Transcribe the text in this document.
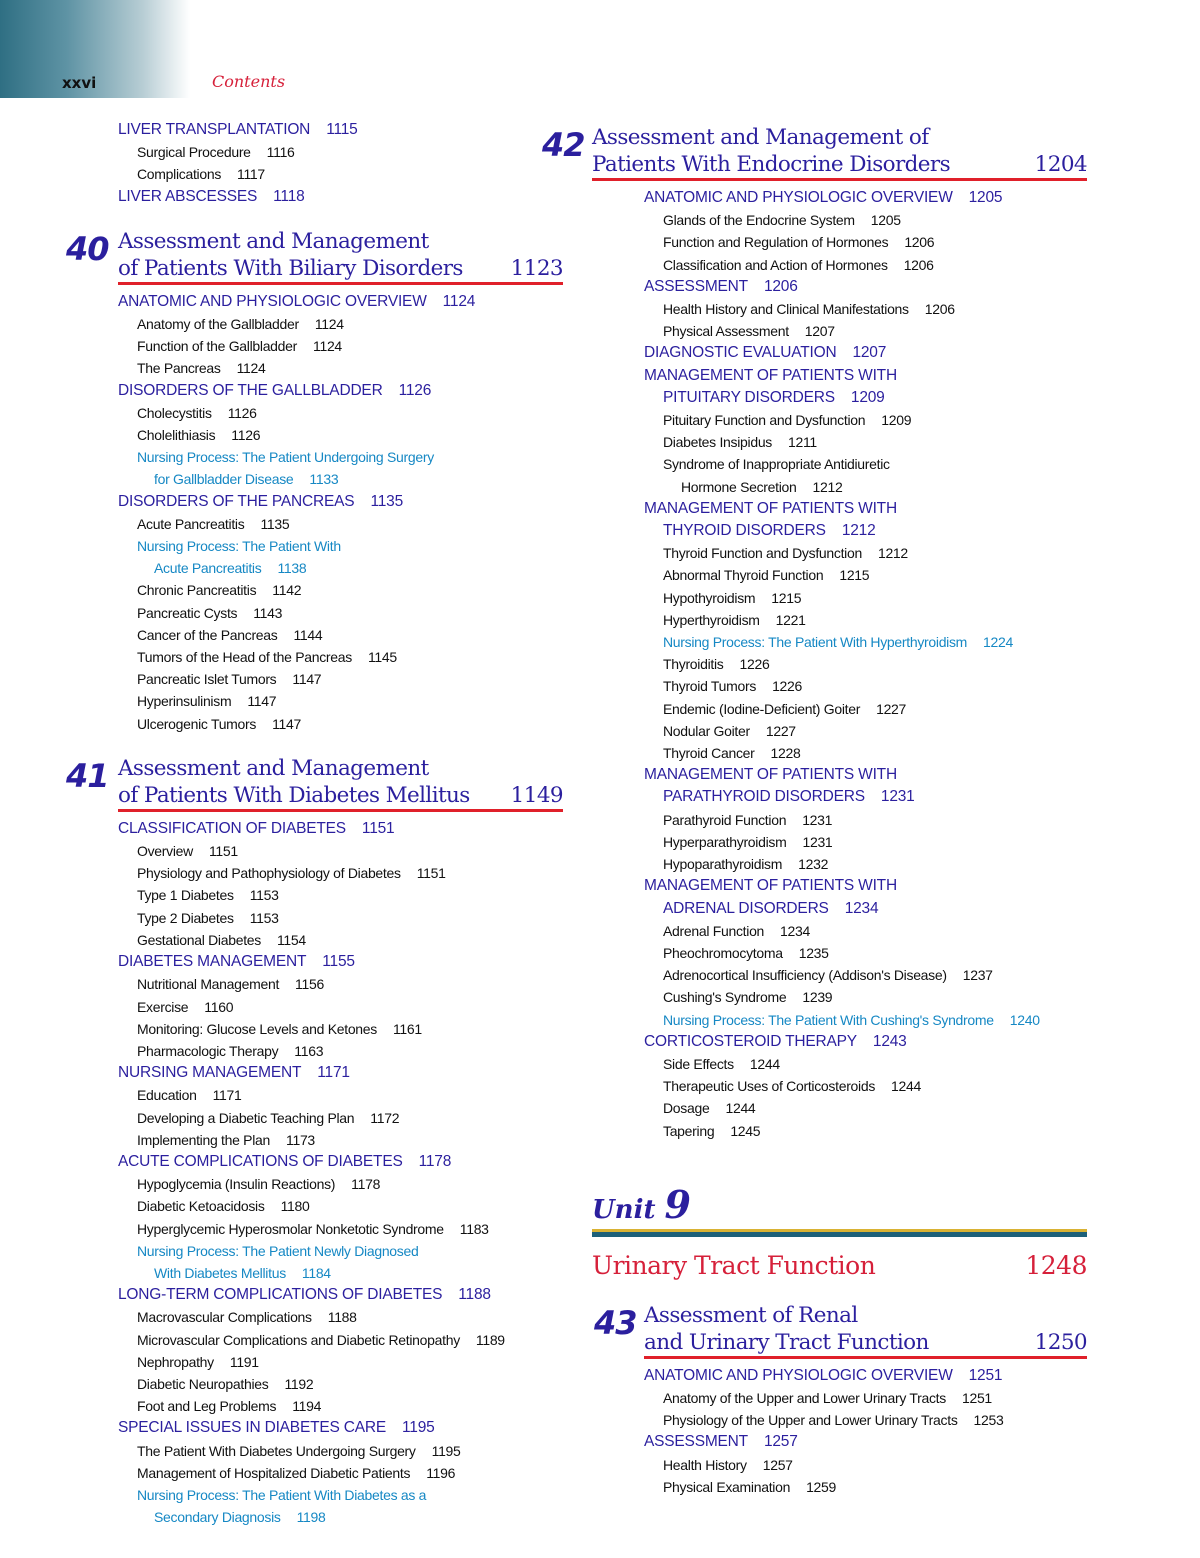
xxvi	Contents
LIVER TRANSPLANTATION 1115
Surgical Procedure 1116
Complications 1117
LIVER ABSCESSES 1118
40 Assessment and Management
of Patients With Biliary Disorders 1123
ANATOMIC AND PHYSIOLOGIC OVERVIEW 1124
Anatomy of the Gallbladder 1124
Function of the Gallbladder 1124
The Pancreas 1124
DISORDERS OF THE GALLBLADDER 1126
Cholecystitis 1126
Cholelithiasis 1126
Nursing Process: The Patient Undergoing Surgery
for Gallbladder Disease 1133
DISORDERS OF THE PANCREAS 1135
Acute Pancreatitis 1135
Nursing Process: The Patient With
Acute Pancreatitis 1138
Chronic Pancreatitis 1142
Pancreatic Cysts 1143
Cancer of the Pancreas 1144
Tumors of the Head of the Pancreas 1145
Pancreatic Islet Tumors 1147
Hyperinsulinism 1147
Ulcerogenic Tumors 1147
41 Assessment and Management
of Patients With Diabetes Mellitus 1149
CLASSIFICATION OF DIABETES 1151
Overview 1151
Physiology and Pathophysiology of Diabetes 1151
Type 1 Diabetes 1153
Type 2 Diabetes 1153
Gestational Diabetes 1154
DIABETES MANAGEMENT 1155
Nutritional Management 1156
Exercise 1160
Monitoring: Glucose Levels and Ketones 1161
Pharmacologic Therapy 1163
NURSING MANAGEMENT 1171
Education 1171
Developing a Diabetic Teaching Plan 1172
Implementing the Plan 1173
ACUTE COMPLICATIONS OF DIABETES 1178
Hypoglycemia (Insulin Reactions) 1178
Diabetic Ketoacidosis 1180
Hyperglycemic Hyperosmolar Nonketotic Syndrome 1183
Nursing Process: The Patient Newly Diagnosed
With Diabetes Mellitus 1184
LONG-TERM COMPLICATIONS OF DIABETES 1188
Macrovascular Complications 1188
Microvascular Complications and Diabetic Retinopathy 1189
Nephropathy 1191
Diabetic Neuropathies 1192
Foot and Leg Problems 1194
SPECIAL ISSUES IN DIABETES CARE 1195
The Patient With Diabetes Undergoing Surgery 1195
Management of Hospitalized Diabetic Patients 1196
Nursing Process: The Patient With Diabetes as a
Secondary Diagnosis 1198
42 Assessment and Management of
Patients With Endocrine Disorders	1204
ANATOMIC AND PHYSIOLOGIC OVERVIEW 1205
Glands of the Endocrine System 1205
Function and Regulation of Hormones 1206
Classification and Action of Hormones 1206
ASSESSMENT 1206
Health History and Clinical Manifestations 1206
Physical Assessment 1207
DIAGNOSTIC EVALUATION 1207
MANAGEMENT OF PATIENTS WITH
PITUITARY DISORDERS 1209
Pituitary Function and Dysfunction 1209
Diabetes Insipidus 1211
Syndrome of Inappropriate Antidiuretic
Hormone Secretion 1212
MANAGEMENT OF PATIENTS WITH
THYROID DISORDERS 1212
Thyroid Function and Dysfunction 1212
Abnormal Thyroid Function 1215
Hypothyroidism 1215
Hyperthyroidism 1221
Nursing Process: The Patient With Hyperthyroidism 1224
Thyroiditis 1226
Thyroid Tumors 1226
Endemic (Iodine-Deficient) Goiter 1227
Nodular Goiter 1227
Thyroid Cancer 1228
MANAGEMENT OF PATIENTS WITH
PARATHYROID DISORDERS 1231
Parathyroid Function 1231
Hyperparathyroidism 1231
Hypoparathyroidism 1232
MANAGEMENT OF PATIENTS WITH
ADRENAL DISORDERS 1234
Adrenal Function 1234
Pheochromocytoma 1235
Adrenocortical Insufficiency (Addison's Disease) 1237
Cushing's Syndrome 1239
Nursing Process: The Patient With Cushing's Syndrome 1240
CORTICOSTEROID THERAPY 1243
Side Effects 1244
Therapeutic Uses of Corticosteroids 1244
Dosage 1244
Tapering 1245
Unit 9
Urinary Tract Function	1248
43 Assessment of Renal
and Urinary Tract Function	1250
ANATOMIC AND PHYSIOLOGIC OVERVIEW 1251
Anatomy of the Upper and Lower Urinary Tracts 1251
Physiology of the Upper and Lower Urinary Tracts 1253
ASSESSMENT 1257
Health History 1257
Physical Examination 1259
